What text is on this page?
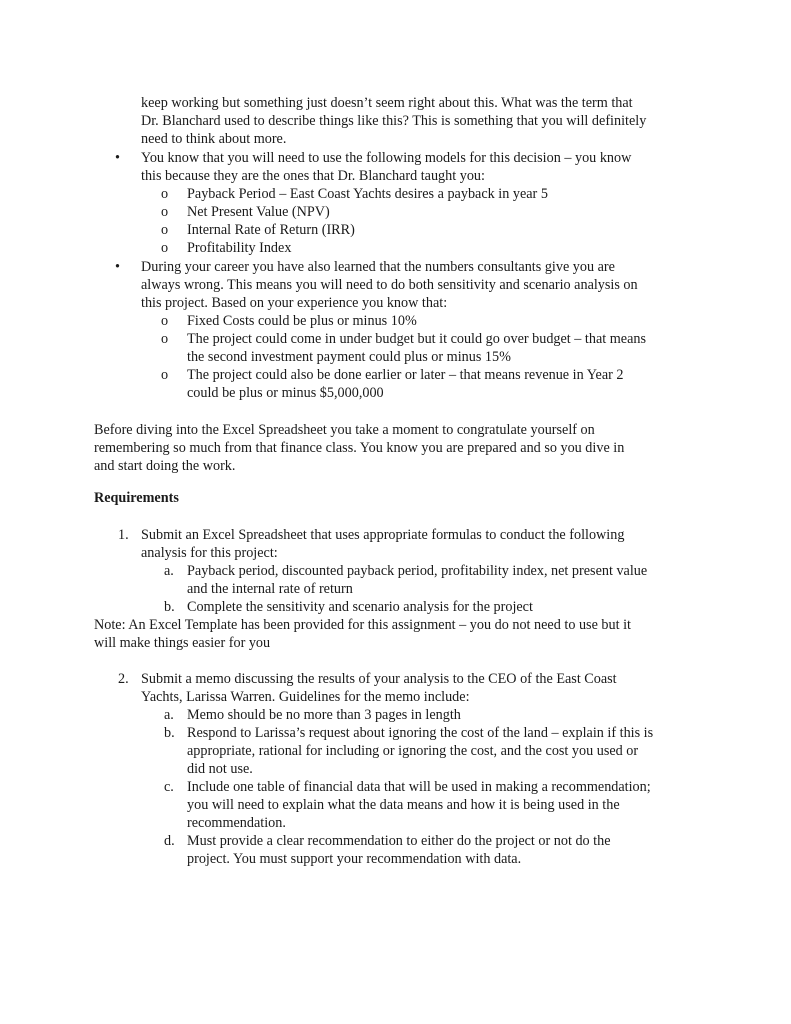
keep working but something just doesn’t seem right about this. What was the term that
Dr. Blanchard used to describe things like this? This is something that you will definitely
need to think about more.
•	You know that you will need to use the following models for this decision – you know
this because they are the ones that Dr. Blanchard taught you:
o	Payback Period – East Coast Yachts desires a payback in year 5
o	Net Present Value (NPV)
o	Internal Rate of Return (IRR)
o	Profitability Index
•	During your career you have also learned that the numbers consultants give you are
always wrong. This means you will need to do both sensitivity and scenario analysis on
this project. Based on your experience you know that:
o	Fixed Costs could be plus or minus 10%
o	The project could come in under budget but it could go over budget – that means
the second investment payment could plus or minus 15%
o	The project could also be done earlier or later – that means revenue in Year 2
could be plus or minus $5,000,000
Before diving into the Excel Spreadsheet you take a moment to congratulate yourself on
remembering so much from that finance class. You know you are prepared and so you dive in
and start doing the work.
Requirements
1. Submit an Excel Spreadsheet that uses appropriate formulas to conduct the following
analysis for this project:
a. Payback period, discounted payback period, profitability index, net present value
and the internal rate of return
b. Complete the sensitivity and scenario analysis for the project
Note: An Excel Template has been provided for this assignment – you do not need to use but it
will make things easier for you
2. Submit a memo discussing the results of your analysis to the CEO of the East Coast
Yachts, Larissa Warren. Guidelines for the memo include:
a. Memo should be no more than 3 pages in length
b. Respond to Larissa’s request about ignoring the cost of the land – explain if this is
appropriate, rational for including or ignoring the cost, and the cost you used or
did not use.
c. Include one table of financial data that will be used in making a recommendation;
you will need to explain what the data means and how it is being used in the
recommendation.
d. Must provide a clear recommendation to either do the project or not do the
project. You must support your recommendation with data.
